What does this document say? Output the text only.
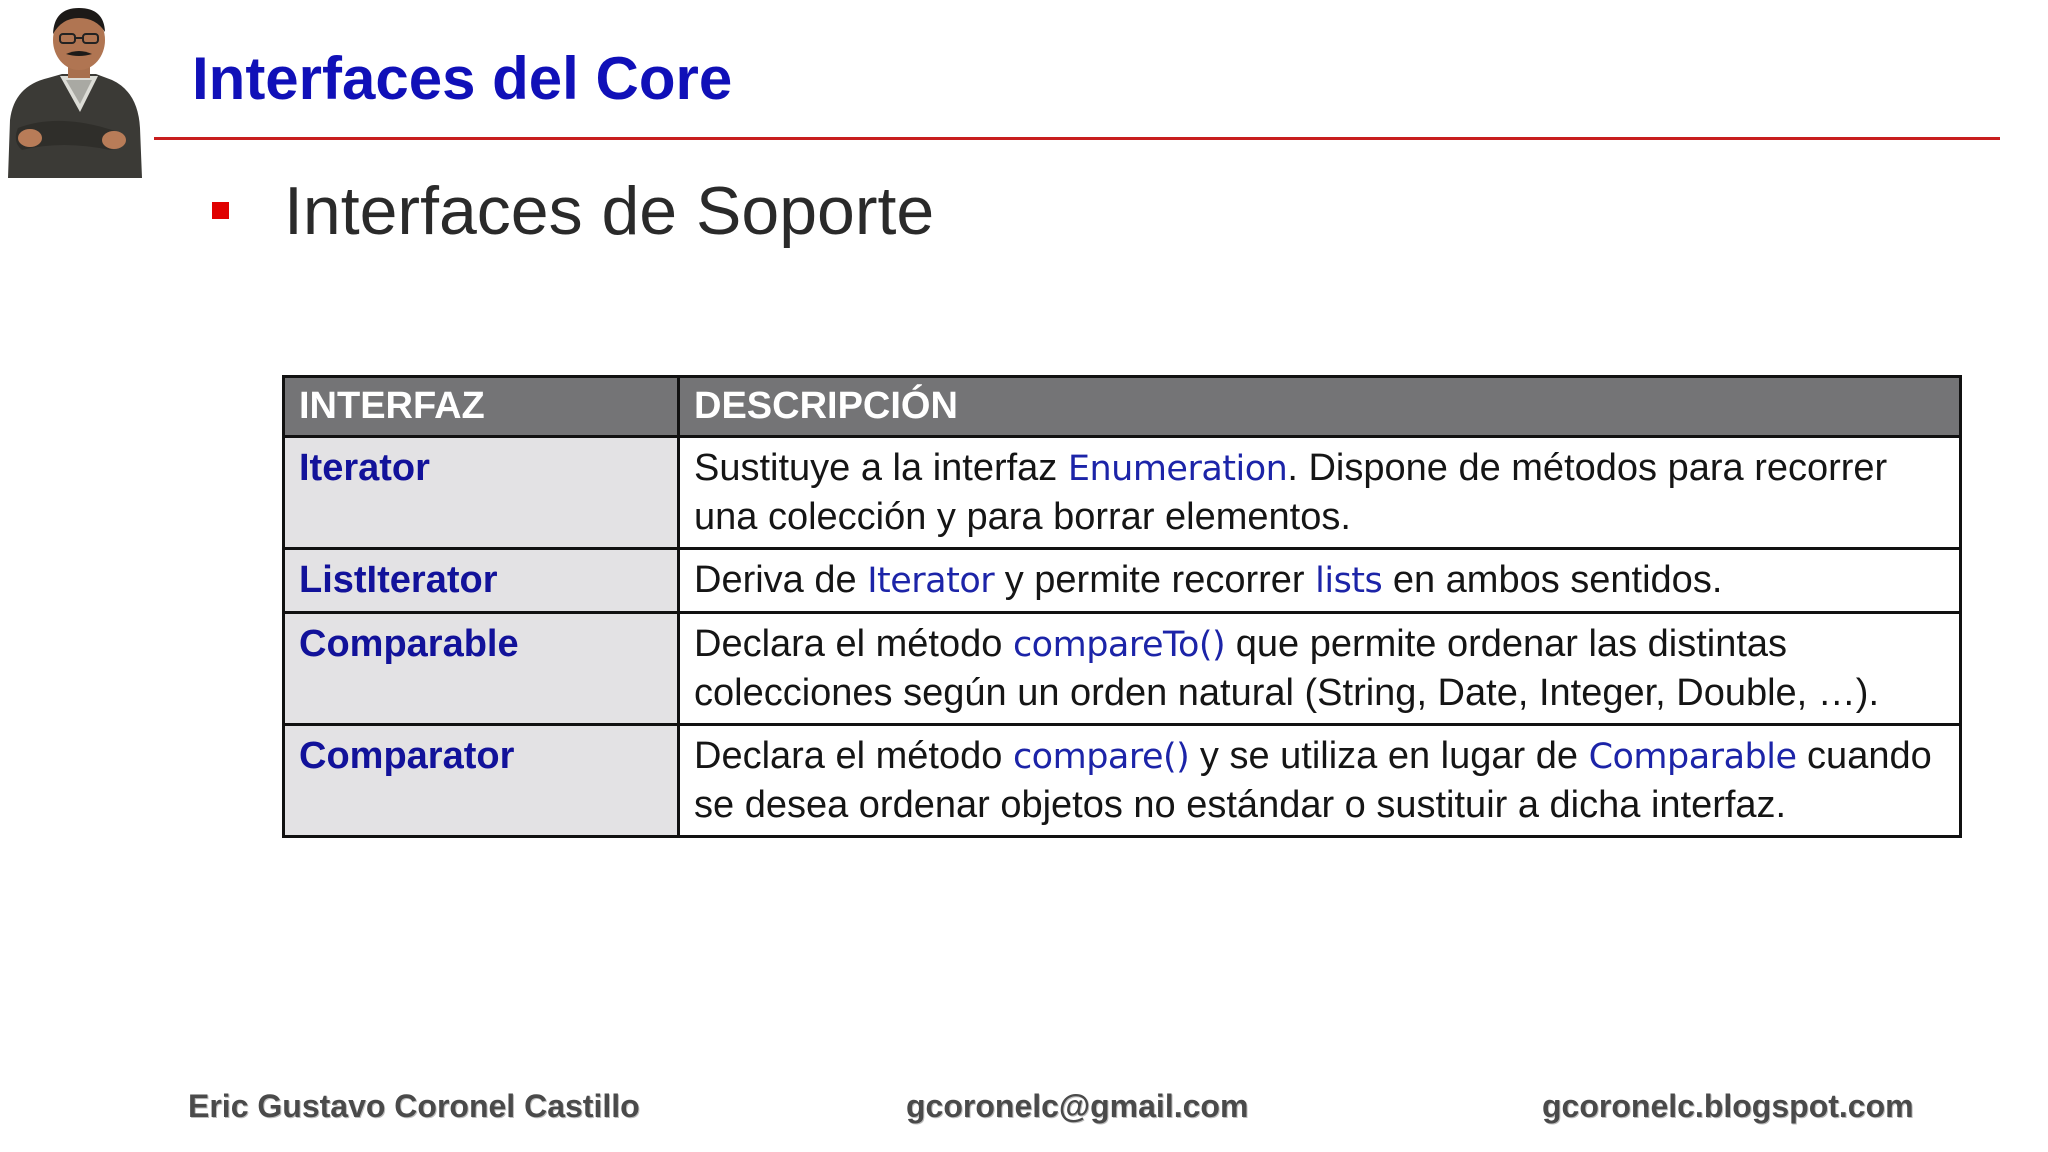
Interfaces del Core
Interfaces de Soporte
INTERFAZ	DESCRIPCIÓN
Iterator	Sustituye a la interfaz Enumeration. Dispone de métodos para recorrer una colección y para borrar elementos.
ListIterator	Deriva de Iterator y permite recorrer lists en ambos sentidos.
Comparable	Declara el método compareTo() que permite ordenar las distintas colecciones según un orden natural (String, Date, Integer, Double, …).
Comparator	Declara el método compare() y se utiliza en lugar de Comparable cuando se desea ordenar objetos no estándar o sustituir a dicha interfaz.
Eric Gustavo Coronel Castillo	gcoronelc@gmail.com	gcoronelc.blogspot.com
